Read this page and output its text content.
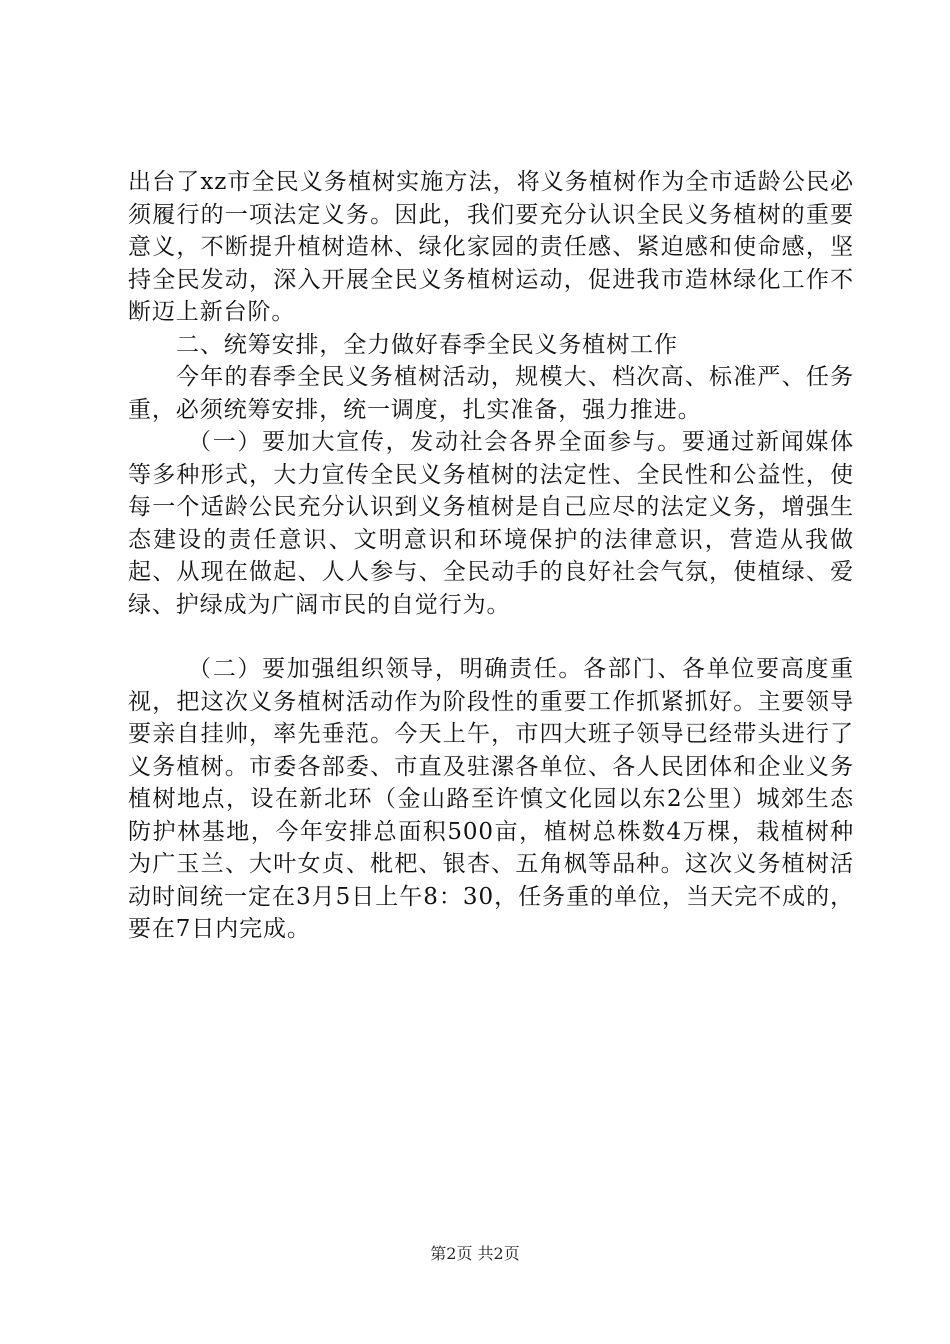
出台了xz市全民义务植树实施方法，将义务植树作为全市适龄公民必须履行的一项法定义务。因此，我们要充分认识全民义务植树的重要意义，不断提升植树造林、绿化家园的责任感、紧迫感和使命感，坚持全民发动，深入开展全民义务植树运动，促进我市造林绿化工作不断迈上新台阶。

二、统筹安排，全力做好春季全民义务植树工作

今年的春季全民义务植树活动，规模大、档次高、标准严、任务重，必须统筹安排，统一调度，扎实准备，强力推进。

（一）要加大宣传，发动社会各界全面参与。要通过新闻媒体等多种形式，大力宣传全民义务植树的法定性、全民性和公益性，使每一个适龄公民充分认识到义务植树是自己应尽的法定义务，增强生态建设的责任意识、文明意识和环境保护的法律意识，营造从我做起、从现在做起、人人参与、全民动手的良好社会气氛，使植绿、爱绿、护绿成为广阔市民的自觉行为。

（二）要加强组织领导，明确责任。各部门、各单位要高度重视，把这次义务植树活动作为阶段性的重要工作抓紧抓好。主要领导要亲自挂帅，率先垂范。今天上午，市四大班子领导已经带头进行了义务植树。市委各部委、市直及驻漯各单位、各人民团体和企业义务植树地点，设在新北环（金山路至许慎文化园以东2公里）城郊生态防护林基地，今年安排总面积500亩，植树总株数4万棵，栽植树种为广玉兰、大叶女贞、枇杷、银杏、五角枫等品种。这次义务植树活动时间统一定在3月5日上午8：30，任务重的单位，当天完不成的，要在7日内完成。

第2页 共2页
